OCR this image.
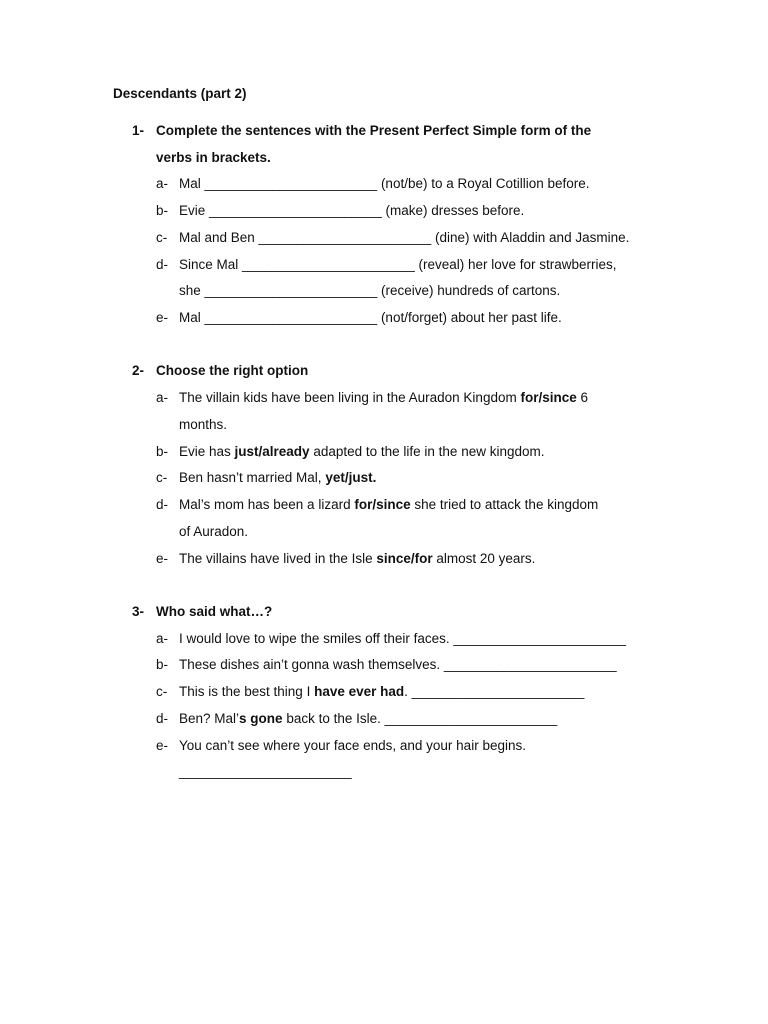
Descendants (part 2)
1- Complete the sentences with the Present Perfect Simple form of the
verbs in brackets.
a- Mal _______________________ (not/be) to a Royal Cotillion before.
b- Evie _______________________ (make) dresses before.
c- Mal and Ben _______________________ (dine) with Aladdin and Jasmine.
d- Since Mal _______________________ (reveal) her love for strawberries,
she _______________________ (receive) hundreds of cartons.
e- Mal _______________________ (not/forget) about her past life.
2- Choose the right option
a- The villain kids have been living in the Auradon Kingdom for/since 6
months.
b- Evie has just/already adapted to the life in the new kingdom.
c- Ben hasn’t married Mal, yet/just.
d- Mal’s mom has been a lizard for/since she tried to attack the kingdom
of Auradon.
e- The villains have lived in the Isle since/for almost 20 years.
3- Who said what…?
a- I would love to wipe the smiles off their faces. _______________________
b- These dishes ain’t gonna wash themselves. _______________________
c- This is the best thing I have ever had. _______________________
d- Ben? Mal’s gone back to the Isle. _______________________
e- You can’t see where your face ends, and your hair begins.
_______________________
